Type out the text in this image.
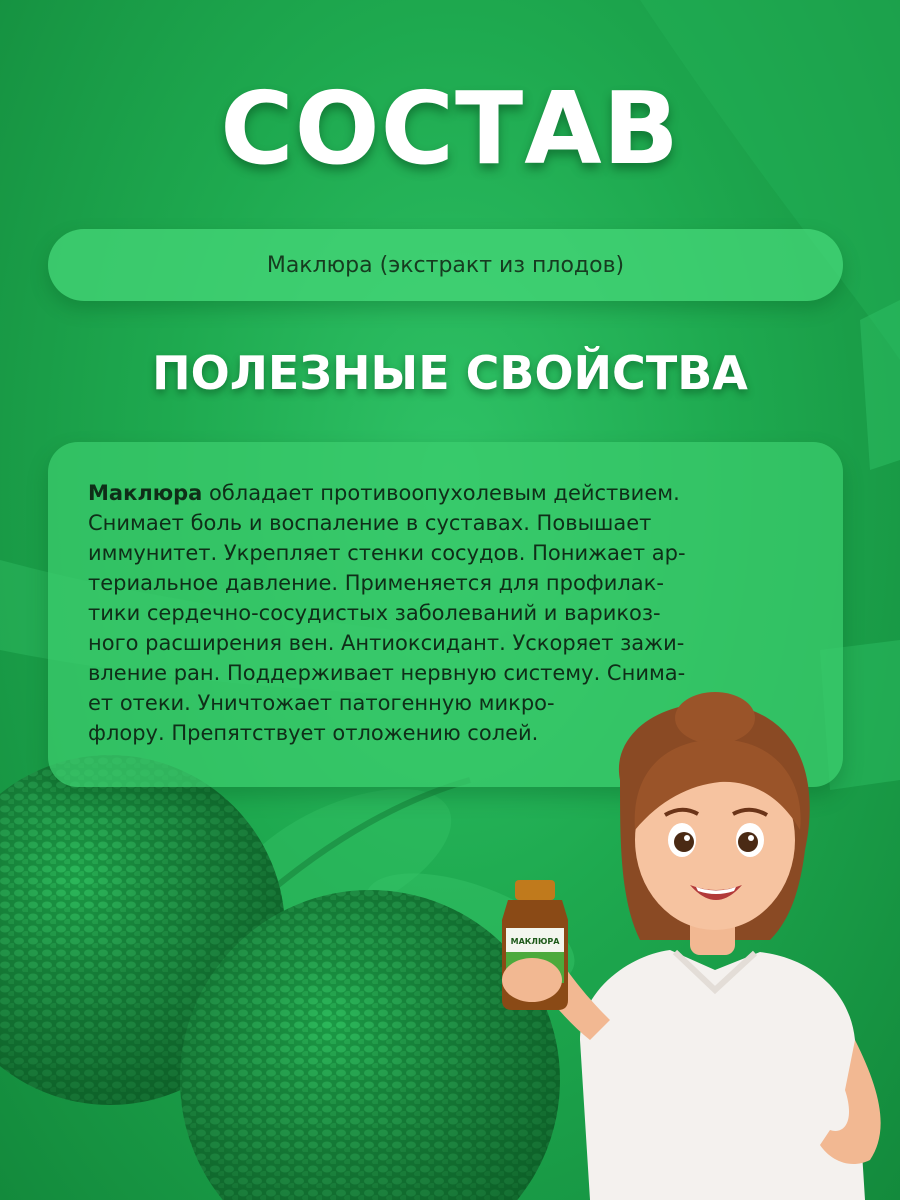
СОСТАВ
Маклюра (экстракт из плодов)
ПОЛЕЗНЫЕ СВОЙСТВА
Маклюра обладает противоопухолевым действием.
Снимает боль и воспаление в суставах. Повышает
иммунитет. Укрепляет стенки сосудов. Понижает ар-
териальное давление. Применяется для профилак-
тики сердечно-сосудистых заболеваний и варикоз-
ного расширения вен. Антиоксидант. Ускоряет зажи-
вление ран. Поддерживает нервную систему. Снима-
ет отеки. Уничтожает патогенную микро-
флору. Препятствует отложению солей.
МАКЛЮРА
